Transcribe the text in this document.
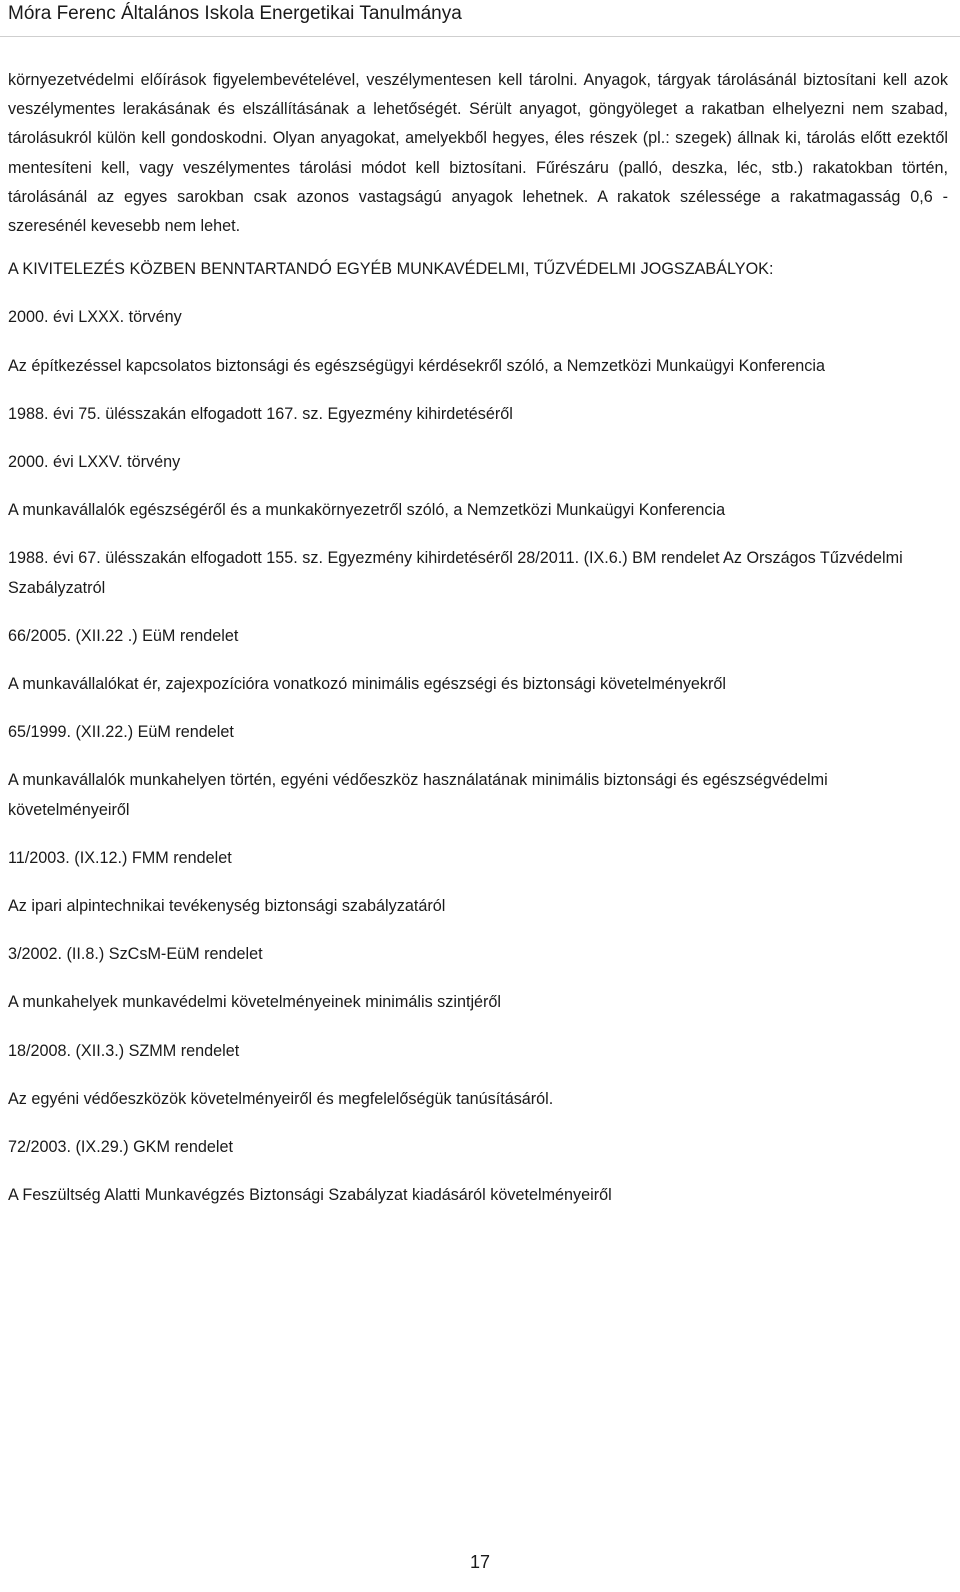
Móra Ferenc Általános Iskola Energetikai Tanulmánya

környezetvédelmi előírások figyelembevételével, veszélymentesen kell tárolni. Anyagok, tárgyak tárolásánál biztosítani kell azok veszélymentes lerakásának és elszállításának a lehetőségét. Sérült anyagot, göngyöleget a rakatban elhelyezni nem szabad, tárolásukról külön kell gondoskodni. Olyan anyagokat, amelyekből hegyes, éles részek (pl.: szegek) állnak ki, tárolás előtt ezektől mentesíteni kell, vagy veszélymentes tárolási módot kell biztosítani. Fűrészáru (palló, deszka, léc, stb.) rakatokban történ, tárolásánál az egyes sarokban csak azonos vastagságú anyagok lehetnek. A rakatok szélessége a rakatmagasság 0,6 - szeresénél kevesebb nem lehet.

A KIVITELEZÉS KÖZBEN BENNTARTANDÓ EGYÉB MUNKAVÉDELMI, TŰZVÉDELMI JOGSZABÁLYOK:
2000. évi LXXX. törvény
Az építkezéssel kapcsolatos biztonsági és egészségügyi kérdésekről szóló, a Nemzetközi Munkaügyi Konferencia
1988. évi 75. ülésszakán elfogadott 167. sz. Egyezmény kihirdetéséről
2000. évi LXXV. törvény
A munkavállalók egészségéről és a munkakörnyezetről szóló, a Nemzetközi Munkaügyi Konferencia
1988. évi 67. ülésszakán elfogadott 155. sz. Egyezmény kihirdetéséről 28/2011. (IX.6.) BM rendelet Az Országos Tűzvédelmi Szabályzatról
66/2005. (XII.22 .) EüM rendelet
A munkavállalókat ér, zajexpozícióra vonatkozó minimális egészségi és biztonsági követelményekről
65/1999. (XII.22.) EüM rendelet
A munkavállalók munkahelyen történ, egyéni védőeszköz használatának minimális biztonsági és egészségvédelmi követelményeiről
11/2003. (IX.12.) FMM rendelet
Az ipari alpintechnikai tevékenység biztonsági szabályzatáról
3/2002. (II.8.) SzCsM-EüM rendelet
A munkahelyek munkavédelmi követelményeinek minimális szintjéről
18/2008. (XII.3.) SZMM rendelet
Az egyéni védőeszközök követelményeiről és megfelelőségük tanúsításáról.
72/2003. (IX.29.) GKM rendelet
A Feszültség Alatti Munkavégzés Biztonsági Szabályzat kiadásáról követelményeiről
17
